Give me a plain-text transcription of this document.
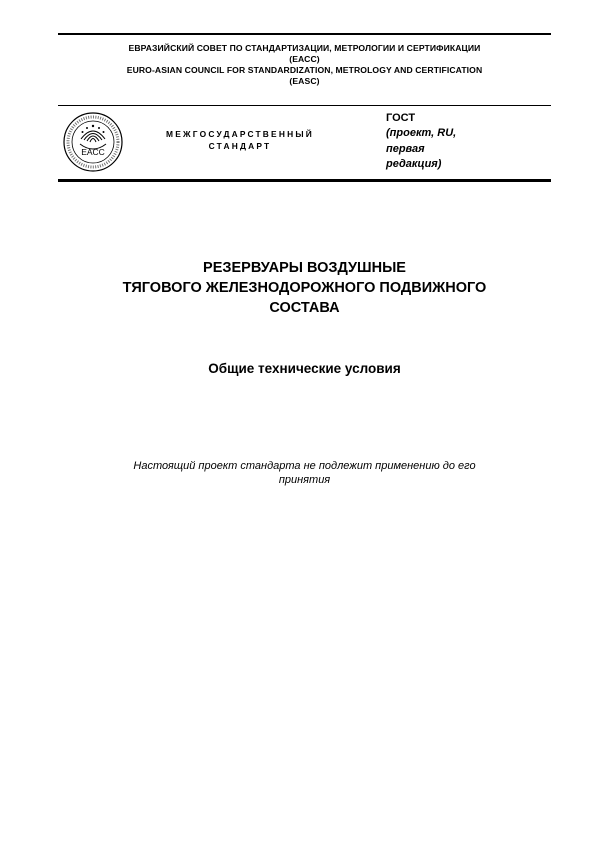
ЕВРАЗИЙСКИЙ СОВЕТ ПО СТАНДАРТИЗАЦИИ, МЕТРОЛОГИИ И СЕРТИФИКАЦИИ
(ЕАСС)
EURO-ASIAN COUNCIL FOR STANDARDIZATION, METROLOGY AND CERTIFICATION
(EASC)
EACC
МЕЖГОСУДАРСТВЕННЫЙ
СТАНДАРТ
ГОСТ
(проект, RU,
первая
редакция)
РЕЗЕРВУАРЫ ВОЗДУШНЫЕ
ТЯГОВОГО ЖЕЛЕЗНОДОРОЖНОГО ПОДВИЖНОГО
СОСТАВА
Общие технические условия
Настоящий проект стандарта не подлежит применению до его
принятия
